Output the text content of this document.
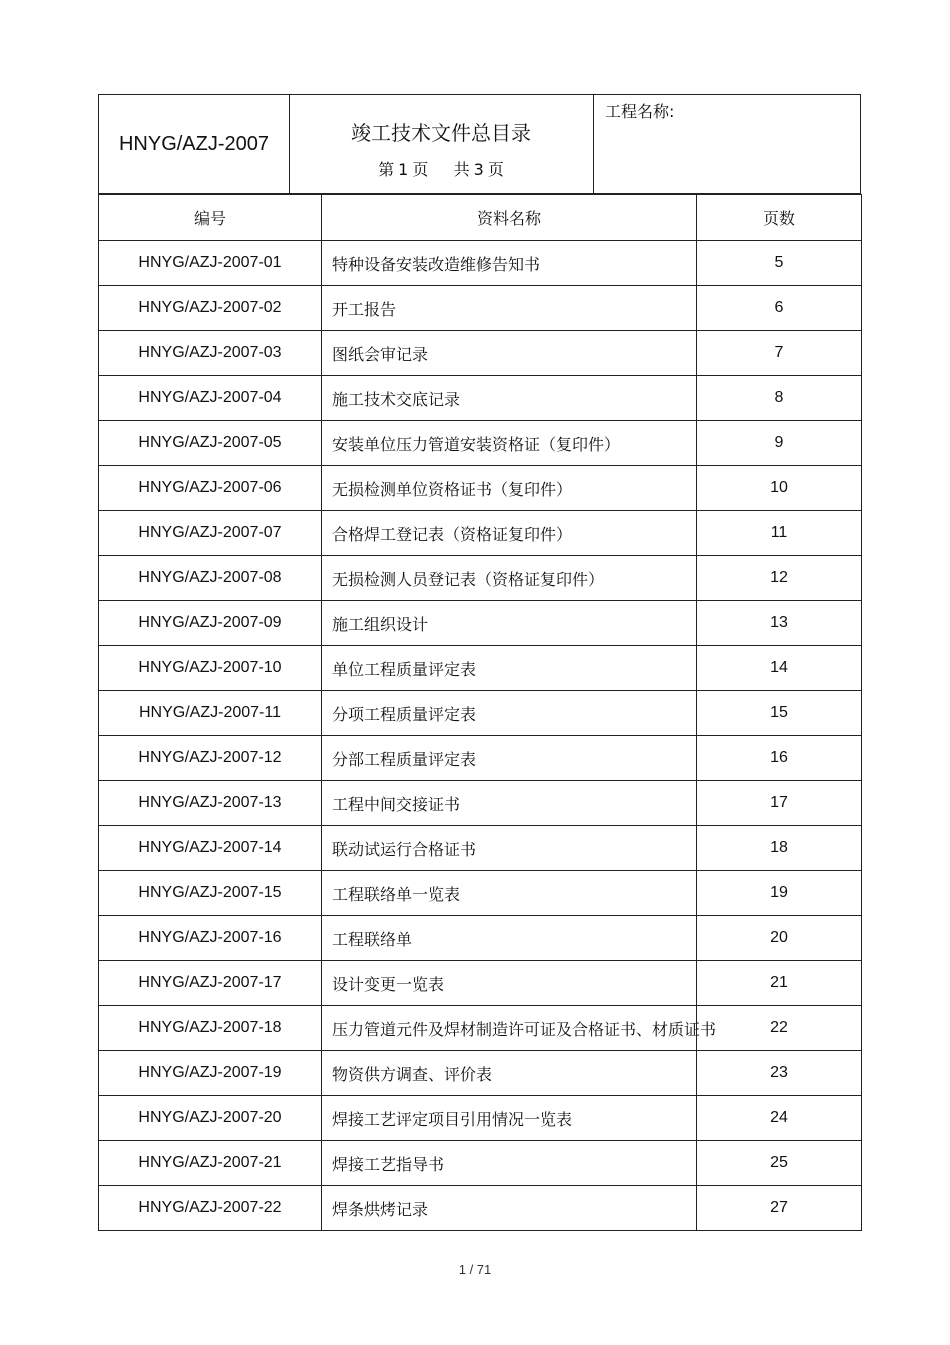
HNYG/AZJ-2007	竣工技术文件总目录
第 1 页 共 3 页
工程名称:
编号	资料名称	页数
HNYG/AZJ-2007-01	特种设备安装改造维修告知书	5
HNYG/AZJ-2007-02	开工报告	6
HNYG/AZJ-2007-03	图纸会审记录	7
HNYG/AZJ-2007-04	施工技术交底记录	8
HNYG/AZJ-2007-05	安装单位压力管道安装资格证（复印件）	9
HNYG/AZJ-2007-06	无损检测单位资格证书（复印件）	10
HNYG/AZJ-2007-07	合格焊工登记表（资格证复印件）	11
HNYG/AZJ-2007-08	无损检测人员登记表（资格证复印件）	12
HNYG/AZJ-2007-09	施工组织设计	13
HNYG/AZJ-2007-10	单位工程质量评定表	14
HNYG/AZJ-2007-11	分项工程质量评定表	15
HNYG/AZJ-2007-12	分部工程质量评定表	16
HNYG/AZJ-2007-13	工程中间交接证书	17
HNYG/AZJ-2007-14	联动试运行合格证书	18
HNYG/AZJ-2007-15	工程联络单一览表	19
HNYG/AZJ-2007-16	工程联络单	20
HNYG/AZJ-2007-17	设计变更一览表	21
HNYG/AZJ-2007-18	压力管道元件及焊材制造许可证及合格证书、材质证书	22
HNYG/AZJ-2007-19	物资供方调查、评价表	23
HNYG/AZJ-2007-20	焊接工艺评定项目引用情况一览表	24
HNYG/AZJ-2007-21	焊接工艺指导书	25
HNYG/AZJ-2007-22	焊条烘烤记录	27
1 / 71
